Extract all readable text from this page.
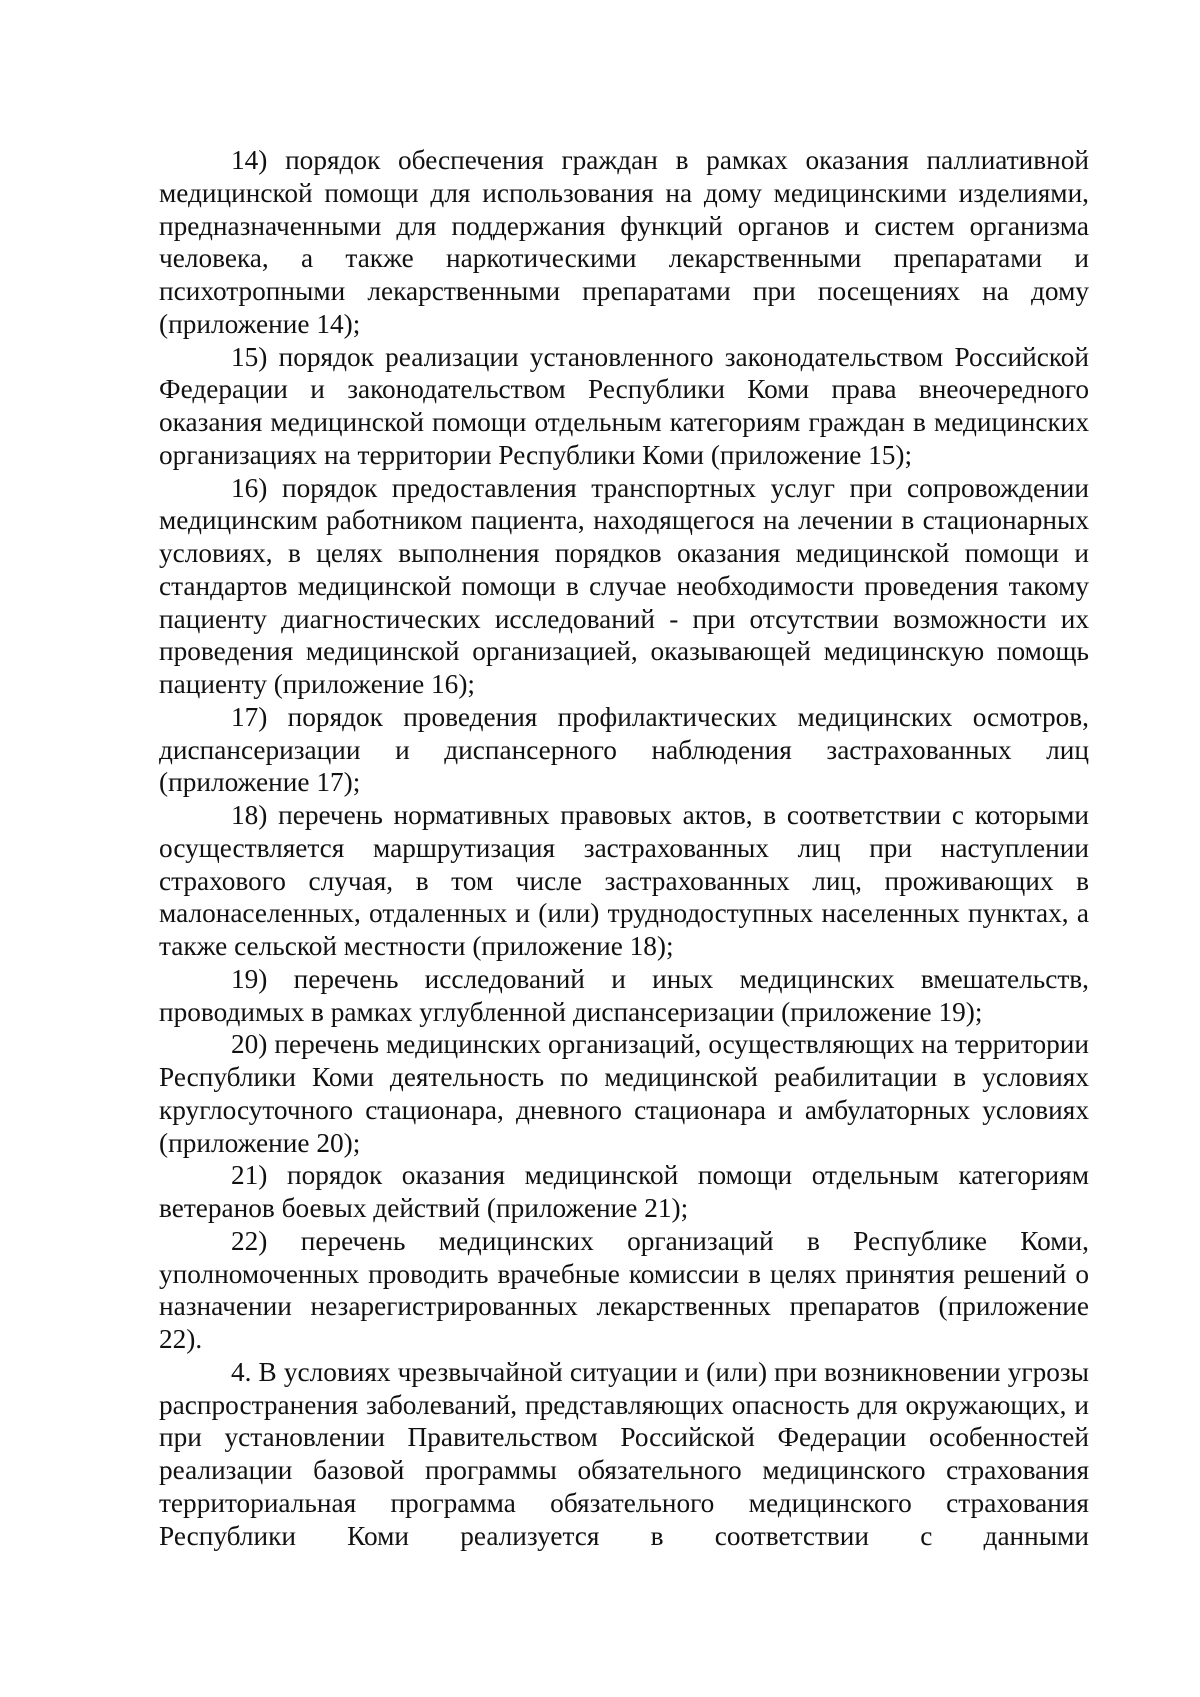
14) порядок обеспечения граждан в рамках оказания паллиативной медицинской помощи для использования на дому медицинскими изделиями, предназначенными для поддержания функций органов и систем организма человека, а также наркотическими лекарственными препаратами и психотропными лекарственными препаратами при посещениях на дому (приложение 14);

15) порядок реализации установленного законодательством Российской Федерации и законодательством Республики Коми права внеочередного оказания медицинской помощи отдельным категориям граждан в медицинских организациях на территории Республики Коми (приложение 15);

16) порядок предоставления транспортных услуг при сопровождении медицинским работником пациента, находящегося на лечении в стационарных условиях, в целях выполнения порядков оказания медицинской помощи и стандартов медицинской помощи в случае необходимости проведения такому пациенту диагностических исследований - при отсутствии возможности их проведения медицинской организацией, оказывающей медицинскую помощь пациенту (приложение 16);

17) порядок проведения профилактических медицинских осмотров, диспансеризации и диспансерного наблюдения застрахованных лиц (приложение 17);

18) перечень нормативных правовых актов, в соответствии с которыми осуществляется маршрутизация застрахованных лиц при наступлении страхового случая, в том числе застрахованных лиц, проживающих в малонаселенных, отдаленных и (или) труднодоступных населенных пунктах, а также сельской местности (приложение 18);

19) перечень исследований и иных медицинских вмешательств, проводимых в рамках углубленной диспансеризации (приложение 19);

20) перечень медицинских организаций, осуществляющих на территории Республики Коми деятельность по медицинской реабилитации в условиях круглосуточного стационара, дневного стационара и амбулаторных условиях (приложение 20);

21) порядок оказания медицинской помощи отдельным категориям ветеранов боевых действий (приложение 21);

22) перечень медицинских организаций в Республике Коми, уполномоченных проводить врачебные комиссии в целях принятия решений о назначении незарегистрированных лекарственных препаратов (приложение 22).

4. В условиях чрезвычайной ситуации и (или) при возникновении угрозы распространения заболеваний, представляющих опасность для окружающих, и при установлении Правительством Российской Федерации особенностей реализации базовой программы обязательного медицинского страхования территориальная программа обязательного медицинского страхования Республики Коми реализуется в соответствии с данными
